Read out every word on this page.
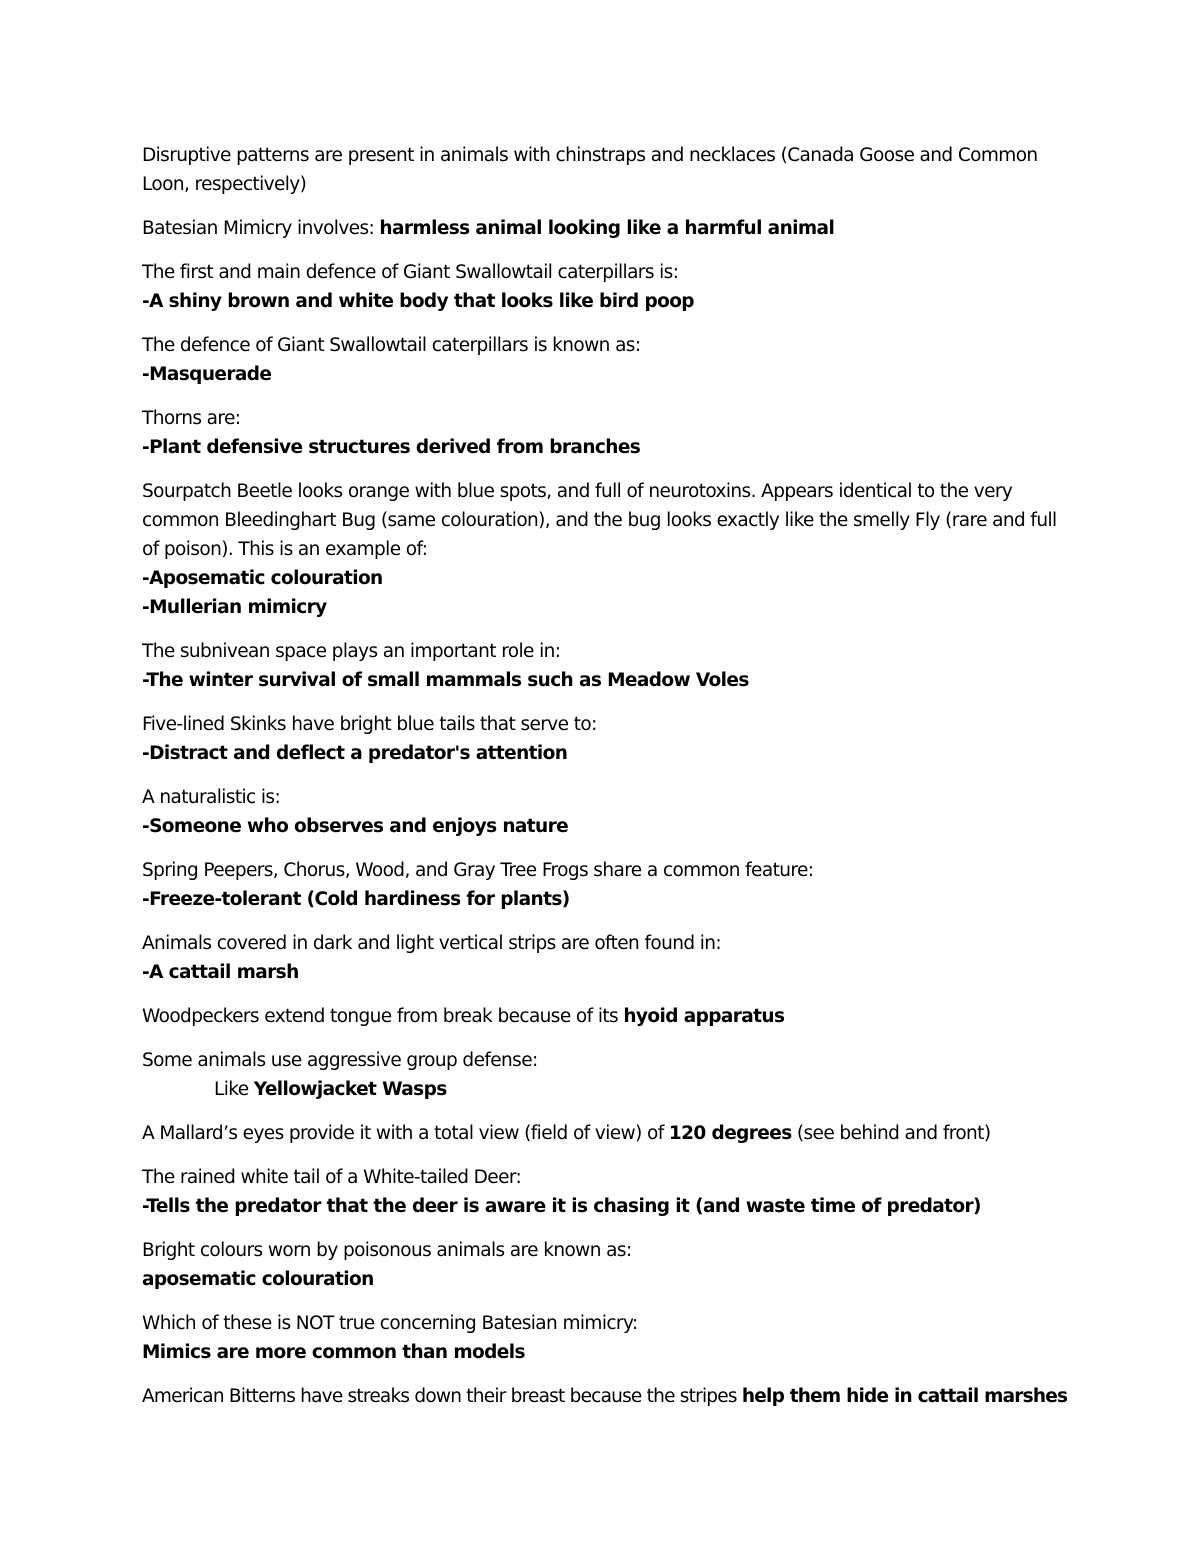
Disruptive patterns are present in animals with chinstraps and necklaces (Canada Goose and Common Loon, respectively)

Batesian Mimicry involves: harmless animal looking like a harmful animal

The first and main defence of Giant Swallowtail caterpillars is:
-A shiny brown and white body that looks like bird poop

The defence of Giant Swallowtail caterpillars is known as:
-Masquerade

Thorns are:
-Plant defensive structures derived from branches

Sourpatch Beetle looks orange with blue spots, and full of neurotoxins. Appears identical to the very common Bleedinghart Bug (same colouration), and the bug looks exactly like the smelly Fly (rare and full of poison). This is an example of:
-Aposematic colouration
-Mullerian mimicry

The subnivean space plays an important role in:
-The winter survival of small mammals such as Meadow Voles

Five-lined Skinks have bright blue tails that serve to:
-Distract and deflect a predator's attention

A naturalistic is:
-Someone who observes and enjoys nature

Spring Peepers, Chorus, Wood, and Gray Tree Frogs share a common feature:
-Freeze-tolerant (Cold hardiness for plants)

Animals covered in dark and light vertical strips are often found in:
-A cattail marsh

Woodpeckers extend tongue from break because of its hyoid apparatus

Some animals use aggressive group defense:
Like Yellowjacket Wasps

A Mallard’s eyes provide it with a total view (field of view) of 120 degrees (see behind and front)

The rained white tail of a White-tailed Deer:
-Tells the predator that the deer is aware it is chasing it (and waste time of predator)

Bright colours worn by poisonous animals are known as:
aposematic colouration

Which of these is NOT true concerning Batesian mimicry:
Mimics are more common than models

American Bitterns have streaks down their breast because the stripes help them hide in cattail marshes
